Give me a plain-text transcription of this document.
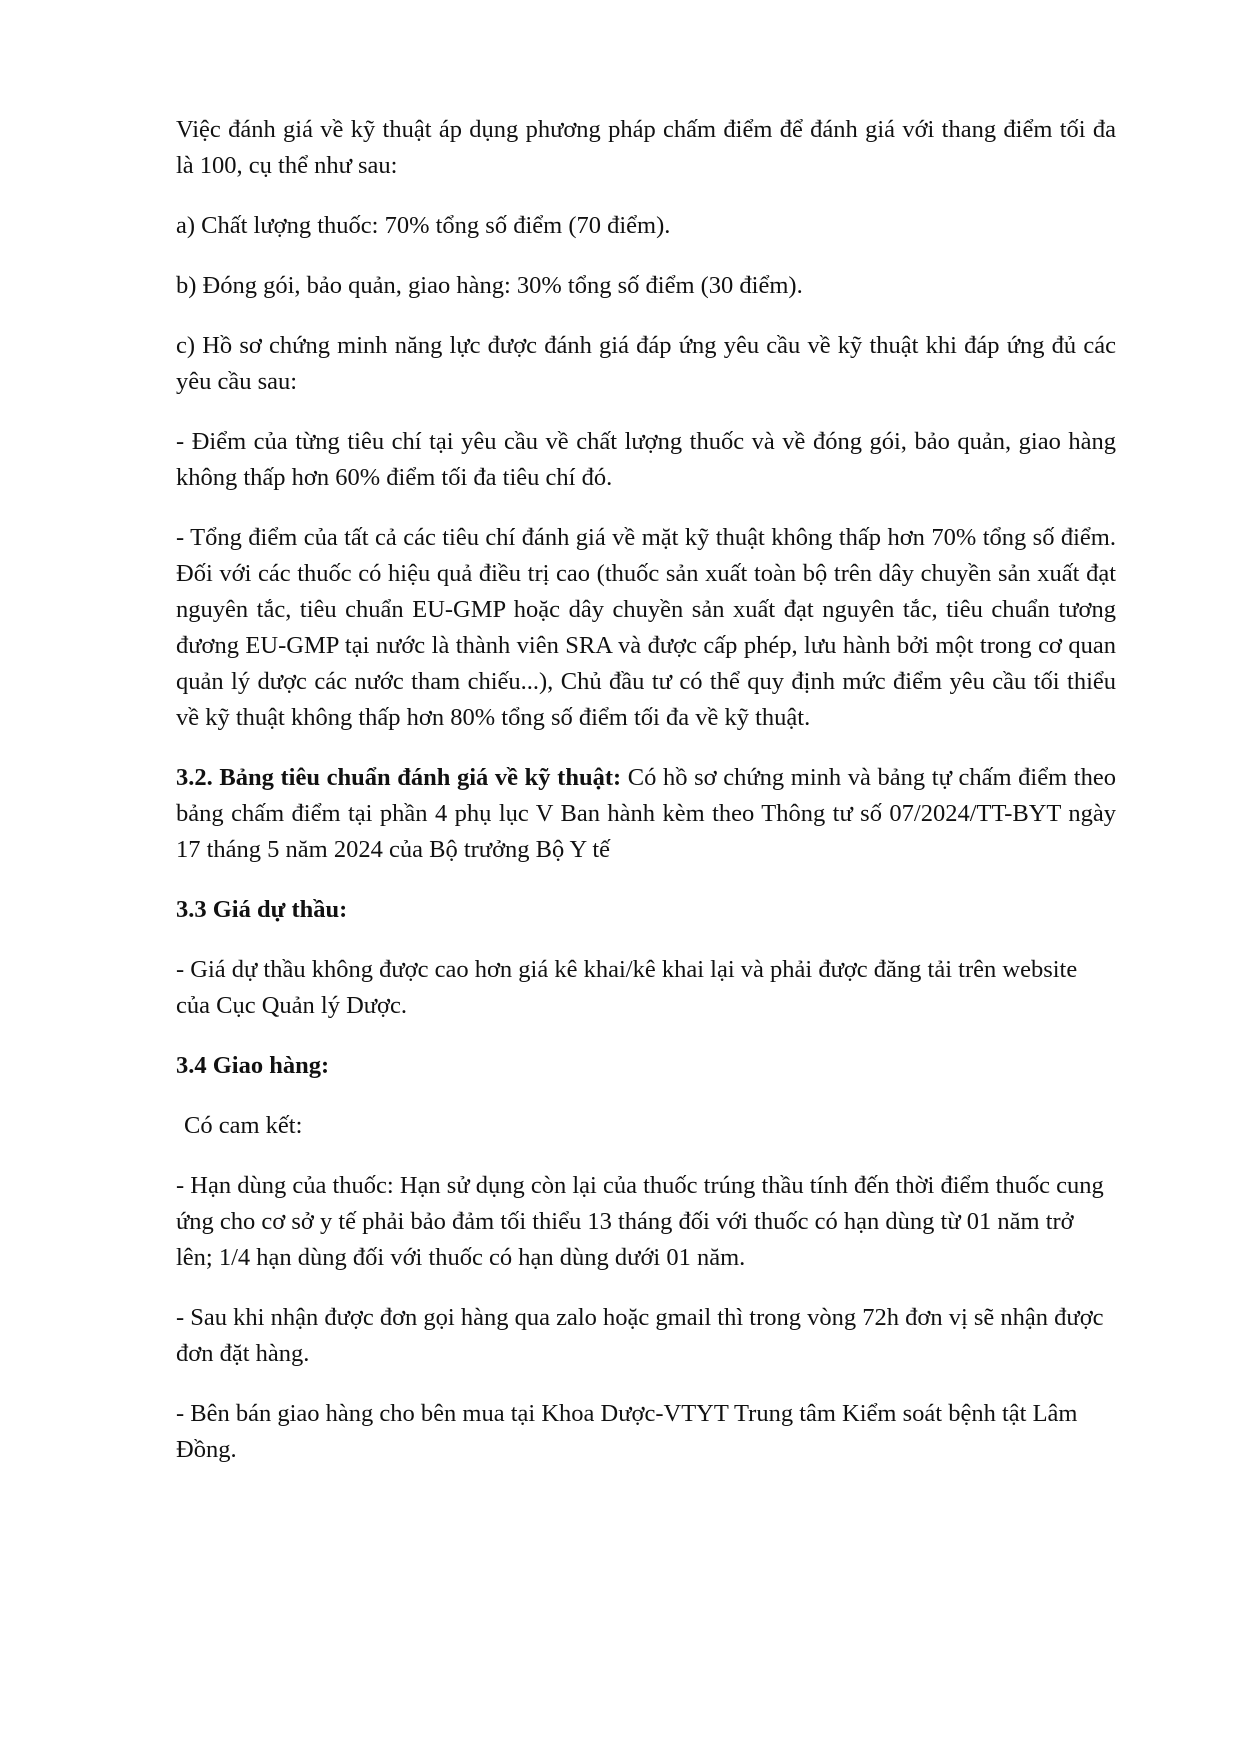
Việc đánh giá về kỹ thuật áp dụng phương pháp chấm điểm để đánh giá với thang điểm tối đa là 100, cụ thể như sau:

a) Chất lượng thuốc: 70% tổng số điểm (70 điểm).

b) Đóng gói, bảo quản, giao hàng: 30% tổng số điểm (30 điểm).

c) Hồ sơ chứng minh năng lực được đánh giá đáp ứng yêu cầu về kỹ thuật khi đáp ứng đủ các yêu cầu sau:

- Điểm của từng tiêu chí tại yêu cầu về chất lượng thuốc và về đóng gói, bảo quản, giao hàng không thấp hơn 60% điểm tối đa tiêu chí đó.

- Tổng điểm của tất cả các tiêu chí đánh giá về mặt kỹ thuật không thấp hơn 70% tổng số điểm. Đối với các thuốc có hiệu quả điều trị cao (thuốc sản xuất toàn bộ trên dây chuyền sản xuất đạt nguyên tắc, tiêu chuẩn EU-GMP hoặc dây chuyền sản xuất đạt nguyên tắc, tiêu chuẩn tương đương EU-GMP tại nước là thành viên SRA và được cấp phép, lưu hành bởi một trong cơ quan quản lý dược các nước tham chiếu...), Chủ đầu tư có thể quy định mức điểm yêu cầu tối thiểu về kỹ thuật không thấp hơn 80% tổng số điểm tối đa về kỹ thuật.

3.2. Bảng tiêu chuẩn đánh giá về kỹ thuật: Có hồ sơ chứng minh và bảng tự chấm điểm theo bảng chấm điểm tại phần 4 phụ lục V Ban hành kèm theo Thông tư số 07/2024/TT-BYT ngày 17 tháng 5 năm 2024 của Bộ trưởng Bộ Y tế

3.3 Giá dự thầu:

- Giá dự thầu không được cao hơn giá kê khai/kê khai lại và phải được đăng tải trên website của Cục Quản lý Dược.

3.4 Giao hàng:

Có cam kết:

- Hạn dùng của thuốc: Hạn sử dụng còn lại của thuốc trúng thầu tính đến thời điểm thuốc cung ứng cho cơ sở y tế phải bảo đảm tối thiểu 13 tháng đối với thuốc có hạn dùng từ 01 năm trở lên; 1/4 hạn dùng đối với thuốc có hạn dùng dưới 01 năm.

- Sau khi nhận được đơn gọi hàng qua zalo hoặc gmail thì trong vòng 72h đơn vị sẽ nhận được đơn đặt hàng.

- Bên bán giao hàng cho bên mua tại Khoa Dược-VTYT Trung tâm Kiểm soát bệnh tật Lâm Đồng.
